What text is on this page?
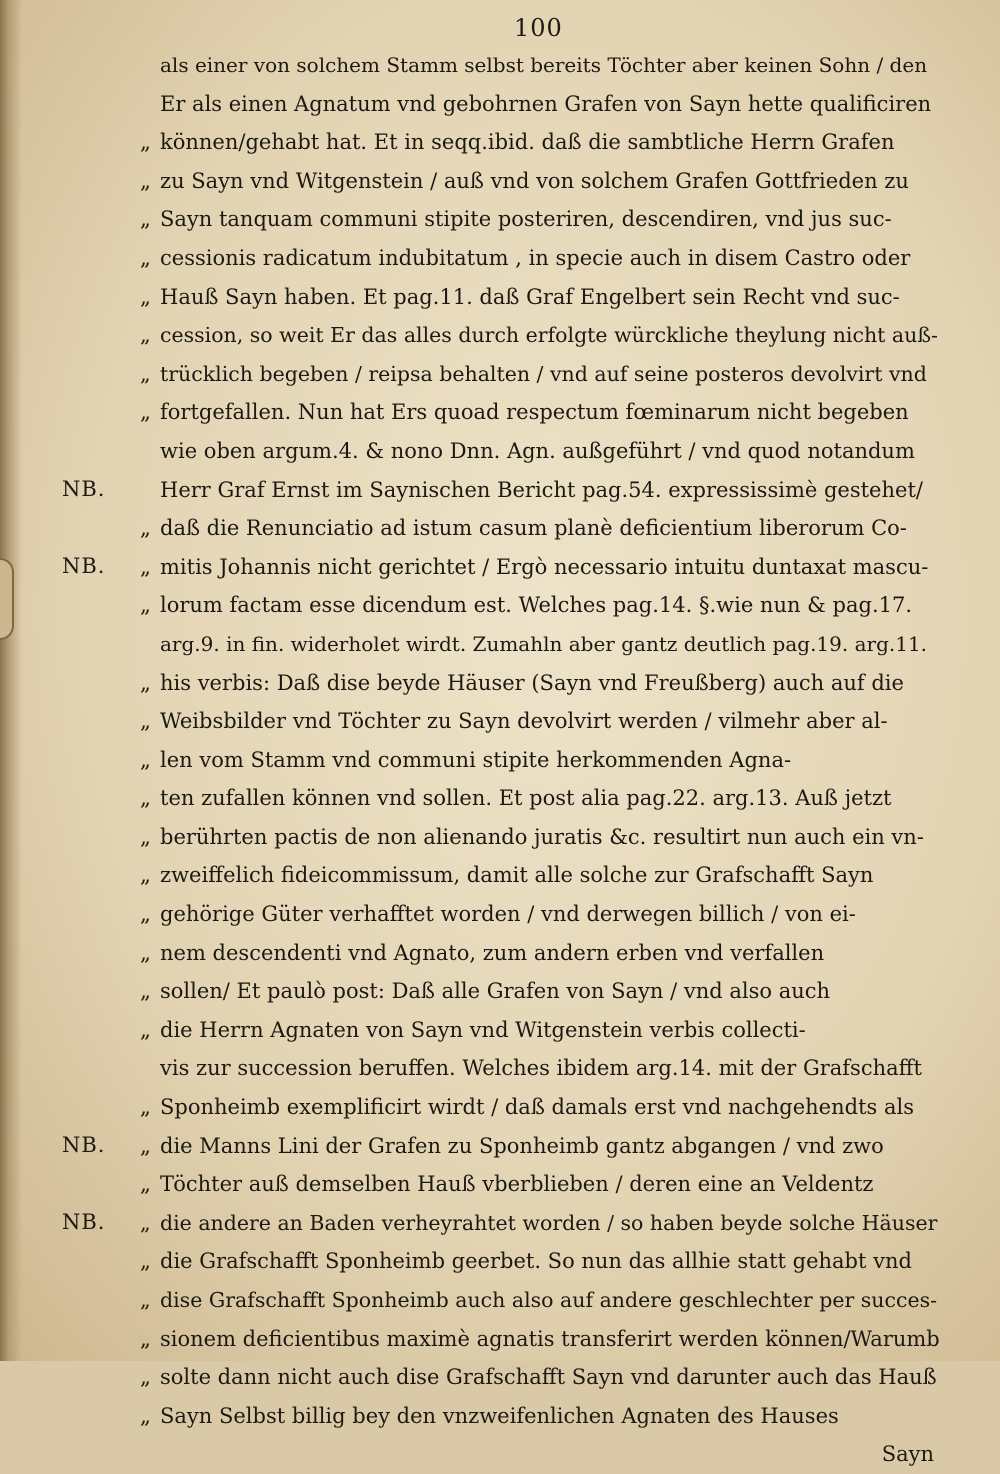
100
NB.
NB.
NB.
NB.
als einer von solchem Stamm selbst bereits Töchter aber keinen Sohn / den
Er als einen Agnatum vnd gebohrnen Grafen von Sayn hette qualificiren
„ können/gehabt hat. Et in seqq.ibid. daß die sambtliche Herrn Grafen
„ zu Sayn vnd Witgenstein / auß vnd von solchem Grafen Gottfrieden zu
„ Sayn tanquam communi stipite posteriren, descendiren, vnd jus suc-
„ cessionis radicatum indubitatum , in specie auch in disem Castro oder
„ Hauß Sayn haben. Et pag.11. daß Graf Engelbert sein Recht vnd suc-
„ cession, so weit Er das alles durch erfolgte würckliche theylung nicht auß-
„ trücklich begeben / reipsa behalten / vnd auf seine posteros devolvirt vnd
„ fortgefallen. Nun hat Ers quoad respectum fœminarum nicht begeben
wie oben argum.4. & nono Dnn. Agn. außgeführt / vnd quod notandum
Herr Graf Ernst im Saynischen Bericht pag.54. expressissimè gestehet/
„ daß die Renunciatio ad istum casum planè deficientium liberorum Co-
„ mitis Johannis nicht gerichtet / Ergò necessario intuitu duntaxat mascu-
„ lorum factam esse dicendum est. Welches pag.14. §.wie nun & pag.17.
arg.9. in fin. widerholet wirdt. Zumahln aber gantz deutlich pag.19. arg.11.
„ his verbis: Daß dise beyde Häuser (Sayn vnd Freußberg) auch auf die
„ Weibsbilder vnd Töchter zu Sayn devolvirt werden / vilmehr aber al-
„ len vom Stamm vnd communi stipite herkommenden Agna-
„ ten zufallen können vnd sollen. Et post alia pag.22. arg.13. Auß jetzt
„ berührten pactis de non alienando juratis &c. resultirt nun auch ein vn-
„ zweiffelich fideicommissum, damit alle solche zur Grafschafft Sayn
„ gehörige Güter verhafftet worden / vnd derwegen billich / von ei-
„ nem descendenti vnd Agnato, zum andern erben vnd verfallen
„ sollen/ Et paulò post: Daß alle Grafen von Sayn / vnd also auch
„ die Herrn Agnaten von Sayn vnd Witgenstein verbis collecti-
vis zur succession beruffen. Welches ibidem arg.14. mit der Grafschafft
„ Sponheimb exemplificirt wirdt / daß damals erst vnd nachgehendts als
„ die Manns Lini der Grafen zu Sponheimb gantz abgangen / vnd zwo
„ Töchter auß demselben Hauß vberblieben / deren eine an Veldentz
„ die andere an Baden verheyrahtet worden / so haben beyde solche Häuser
„ die Grafschafft Sponheimb geerbet. So nun das allhie statt gehabt vnd
„ dise Grafschafft Sponheimb auch also auf andere geschlechter per succes-
„ sionem deficientibus maximè agnatis transferirt werden können/Warumb
„ solte dann nicht auch dise Grafschafft Sayn vnd darunter auch das Hauß
„ Sayn Selbst billig bey den vnzweifenlichen Agnaten des Hauses
Sayn
